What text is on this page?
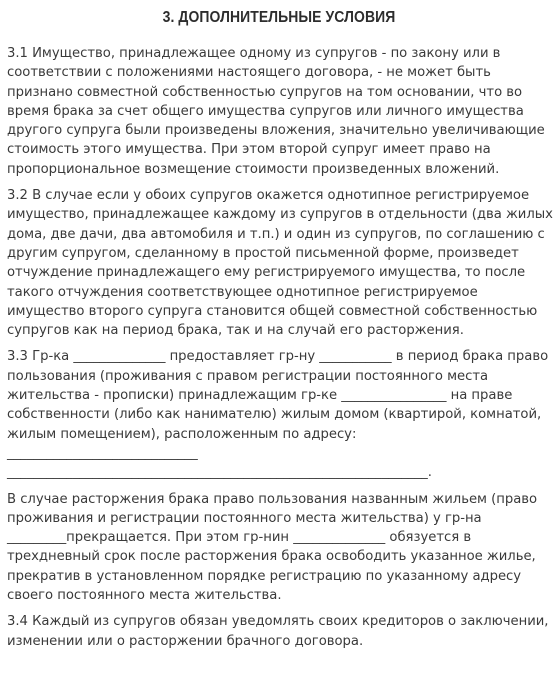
3. ДОПОЛНИТЕЛЬНЫЕ УСЛОВИЯ

3.1 Имущество, принадлежащее одному из супругов - по закону или в
соответствии с положениями настоящего договора, - не может быть
признано совместной собственностью супругов на том основании, что во
время брака за счет общего имущества супругов или личного имущества
другого супруга были произведены вложения, значительно увеличивающие
стоимость этого имущества. При этом второй супруг имеет право на
пропорциональное возмещение стоимости произведенных вложений.

3.2 В случае если у обоих супругов окажется однотипное регистрируемое
имущество, принадлежащее каждому из супругов в отдельности (два жилых
дома, две дачи, два автомобиля и т.п.) и один из супругов, по соглашению с
другим супругом, сделанному в простой письменной форме, произведет
отчуждение принадлежащего ему регистрируемого имущества, то после
такого отчуждения соответствующее однотипное регистрируемое
имущество второго супруга становится общей совместной собственностью
супругов как на период брака, так и на случай его расторжения.

3.3 Гр-ка ______________ предоставляет гр-ну ___________ в период брака право
пользования (проживания с правом регистрации постоянного места
жительства - прописки) принадлежащим гр-ке ________________ на праве
собственности (либо как нанимателю) жилым домом (квартирой, комнатой,
жилым помещением), расположенным по адресу:
_____________________________
________________________________________________________________.

В случае расторжения брака право пользования названным жильем (право
проживания и регистрации постоянного места жительства) у гр-на
_________прекращается. При этом гр-нин ______________ обязуется в
трехдневный срок после расторжения брака освободить указанное жилье,
прекратив в установленном порядке регистрацию по указанному адресу
своего постоянного места жительства.

3.4 Каждый из супругов обязан уведомлять своих кредиторов о заключении,
изменении или о расторжении брачного договора.
